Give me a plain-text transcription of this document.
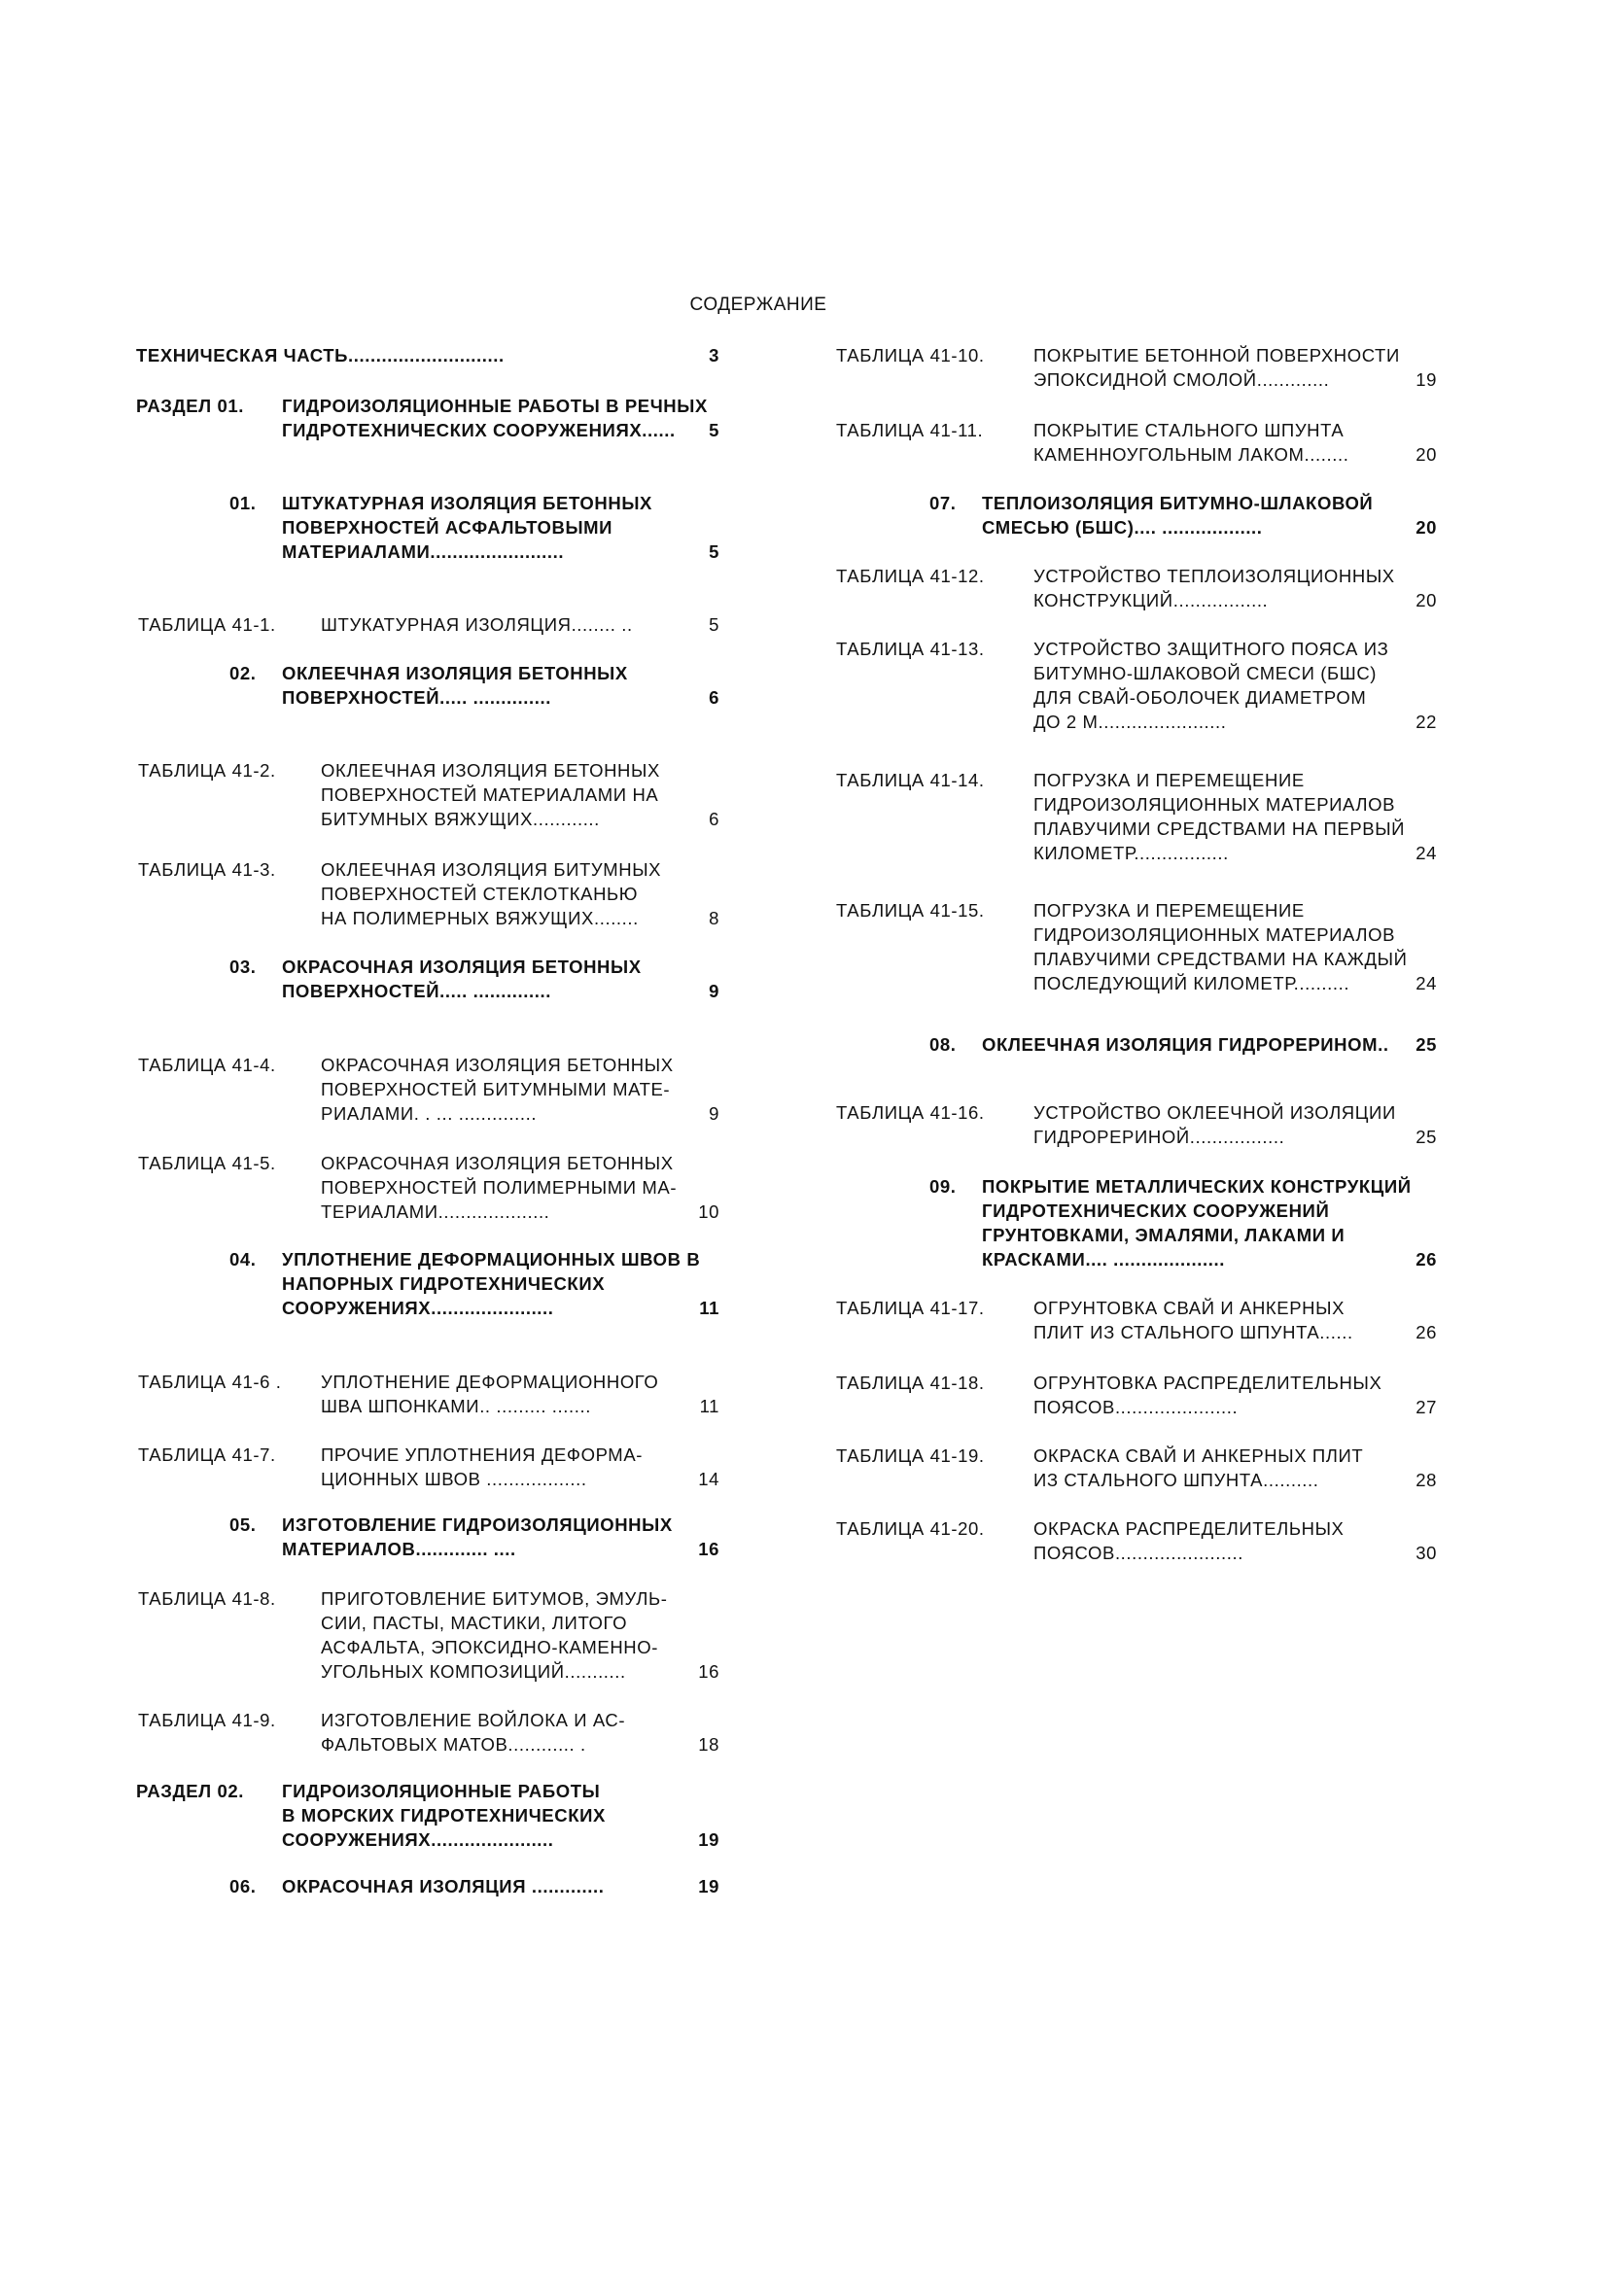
СОДЕРЖАНИЕ
ТЕХНИЧЕСКАЯ ЧАСТЬ............................	3
РАЗДЕЛ 01. ГИДРОИЗОЛЯЦИОННЫЕ РАБОТЫ В РЕЧНЫХ
ГИДРОТЕХНИЧЕСКИХ СООРУЖЕНИЯХ......	5
01. ШТУКАТУРНАЯ ИЗОЛЯЦИЯ БЕТОННЫХ
ПОВЕРХНОСТЕЙ АСФАЛЬТОВЫМИ
МАТЕРИАЛАМИ........................	5
ТАБЛИЦА 41-1.	ШТУКАТУРНАЯ ИЗОЛЯЦИЯ........ ..	5
02. ОКЛЕЕЧНАЯ ИЗОЛЯЦИЯ БЕТОННЫХ
ПОВЕРХНОСТЕЙ..... ..............	6
ТАБЛИЦА 41-2.	ОКЛЕЕЧНАЯ ИЗОЛЯЦИЯ БЕТОННЫХ
ПОВЕРХНОСТЕЙ МАТЕРИАЛАМИ НА
БИТУМНЫХ ВЯЖУЩИХ............	6
ТАБЛИЦА 41-3.	ОКЛЕЕЧНАЯ ИЗОЛЯЦИЯ БИТУМНЫХ
ПОВЕРХНОСТЕЙ СТЕКЛОТКАНЬЮ
НА ПОЛИМЕРНЫХ ВЯЖУЩИХ........	8
03. ОКРАСОЧНАЯ ИЗОЛЯЦИЯ БЕТОННЫХ
ПОВЕРХНОСТЕЙ..... ..............	9
ТАБЛИЦА 41-4.	ОКРАСОЧНАЯ ИЗОЛЯЦИЯ БЕТОННЫХ
ПОВЕРХНОСТЕЙ БИТУМНЫМИ МАТЕ-
РИАЛАМИ. . ... ..............	9
ТАБЛИЦА 41-5.	ОКРАСОЧНАЯ ИЗОЛЯЦИЯ БЕТОННЫХ
ПОВЕРХНОСТЕЙ ПОЛИМЕРНЫМИ МА-
ТЕРИАЛАМИ....................	10
04. УПЛОТНЕНИЕ ДЕФОРМАЦИОННЫХ ШВОВ В
НАПОРНЫХ ГИДРОТЕХНИЧЕСКИХ
СООРУЖЕНИЯХ......................	11
ТАБЛИЦА 41-6 . УПЛОТНЕНИЕ ДЕФОРМАЦИОННОГО
ШВА ШПОНКАМИ.. ......... .......	11
ТАБЛИЦА 41-7.	ПРОЧИЕ УПЛОТНЕНИЯ ДЕФОРМА-
ЦИОННЫХ ШВОВ ..................	14
05. ИЗГОТОВЛЕНИЕ ГИДРОИЗОЛЯЦИОННЫХ
МАТЕРИАЛОВ............. ....	16
ТАБЛИЦА 41-8.	ПРИГОТОВЛЕНИЕ БИТУМОВ, ЭМУЛЬ-
СИИ, ПАСТЫ, МАСТИКИ, ЛИТОГО
АСФАЛЬТА, ЭПОКСИДНО-КАМЕННО-
УГОЛЬНЫХ КОМПОЗИЦИЙ...........	16
ТАБЛИЦА 41-9.	ИЗГОТОВЛЕНИЕ ВОЙЛОКА И АС-
ФАЛЬТОВЫХ МАТОВ............ .	18
РАЗДЕЛ 02. ГИДРОИЗОЛЯЦИОННЫЕ РАБОТЫ
В МОРСКИХ ГИДРОТЕХНИЧЕСКИХ
СООРУЖЕНИЯХ......................	19
06. ОКРАСОЧНАЯ ИЗОЛЯЦИЯ .............	19
ТАБЛИЦА 41-10.	ПОКРЫТИЕ БЕТОННОЙ ПОВЕРХНОСТИ
ЭПОКСИДНОЙ СМОЛОЙ.............	19
ТАБЛИЦА 41-11.	ПОКРЫТИЕ СТАЛЬНОГО ШПУНТА
КАМЕННОУГОЛЬНЫМ ЛАКОМ........	20
07. ТЕПЛОИЗОЛЯЦИЯ БИТУМНО-ШЛАКОВОЙ
СМЕСЬЮ (БШС).... ..................	20
ТАБЛИЦА 41-12.	УСТРОЙСТВО ТЕПЛОИЗОЛЯЦИОННЫХ
КОНСТРУКЦИЙ.................	20
ТАБЛИЦА 41-13.	УСТРОЙСТВО ЗАЩИТНОГО ПОЯСА ИЗ
БИТУМНО-ШЛАКОВОЙ СМЕСИ (БШС)
ДЛЯ СВАЙ-ОБОЛОЧЕК ДИАМЕТРОМ
ДО 2 М.......................	22
ТАБЛИЦА 41-14.	ПОГРУЗКА И ПЕРЕМЕЩЕНИЕ
ГИДРОИЗОЛЯЦИОННЫХ МАТЕРИАЛОВ
ПЛАВУЧИМИ СРЕДСТВАМИ НА ПЕРВЫЙ
КИЛОМЕТР.................	24
ТАБЛИЦА 41-15.	ПОГРУЗКА И ПЕРЕМЕЩЕНИЕ
ГИДРОИЗОЛЯЦИОННЫХ МАТЕРИАЛОВ
ПЛАВУЧИМИ СРЕДСТВАМИ НА КАЖДЫЙ
ПОСЛЕДУЮЩИЙ КИЛОМЕТР..........	24
08. ОКЛЕЕЧНАЯ ИЗОЛЯЦИЯ ГИДРОРЕРИНОМ..	25
ТАБЛИЦА 41-16.	УСТРОЙСТВО ОКЛЕЕЧНОЙ ИЗОЛЯЦИИ
ГИДРОРЕРИНОЙ.................	25
09. ПОКРЫТИЕ МЕТАЛЛИЧЕСКИХ КОНСТРУКЦИЙ
ГИДРОТЕХНИЧЕСКИХ СООРУЖЕНИЙ
ГРУНТОВКАМИ, ЭМАЛЯМИ, ЛАКАМИ И
КРАСКАМИ.... ....................	26
ТАБЛИЦА 41-17.	ОГРУНТОВКА СВАЙ И АНКЕРНЫХ
ПЛИТ ИЗ СТАЛЬНОГО ШПУНТА......	26
ТАБЛИЦА 41-18.	ОГРУНТОВКА РАСПРЕДЕЛИТЕЛЬНЫХ
ПОЯСОВ......................	27
ТАБЛИЦА 41-19.	ОКРАСКА СВАЙ И АНКЕРНЫХ ПЛИТ
ИЗ СТАЛЬНОГО ШПУНТА..........	28
ТАБЛИЦА 41-20.	ОКРАСКА РАСПРЕДЕЛИТЕЛЬНЫХ
ПОЯСОВ.......................	30
